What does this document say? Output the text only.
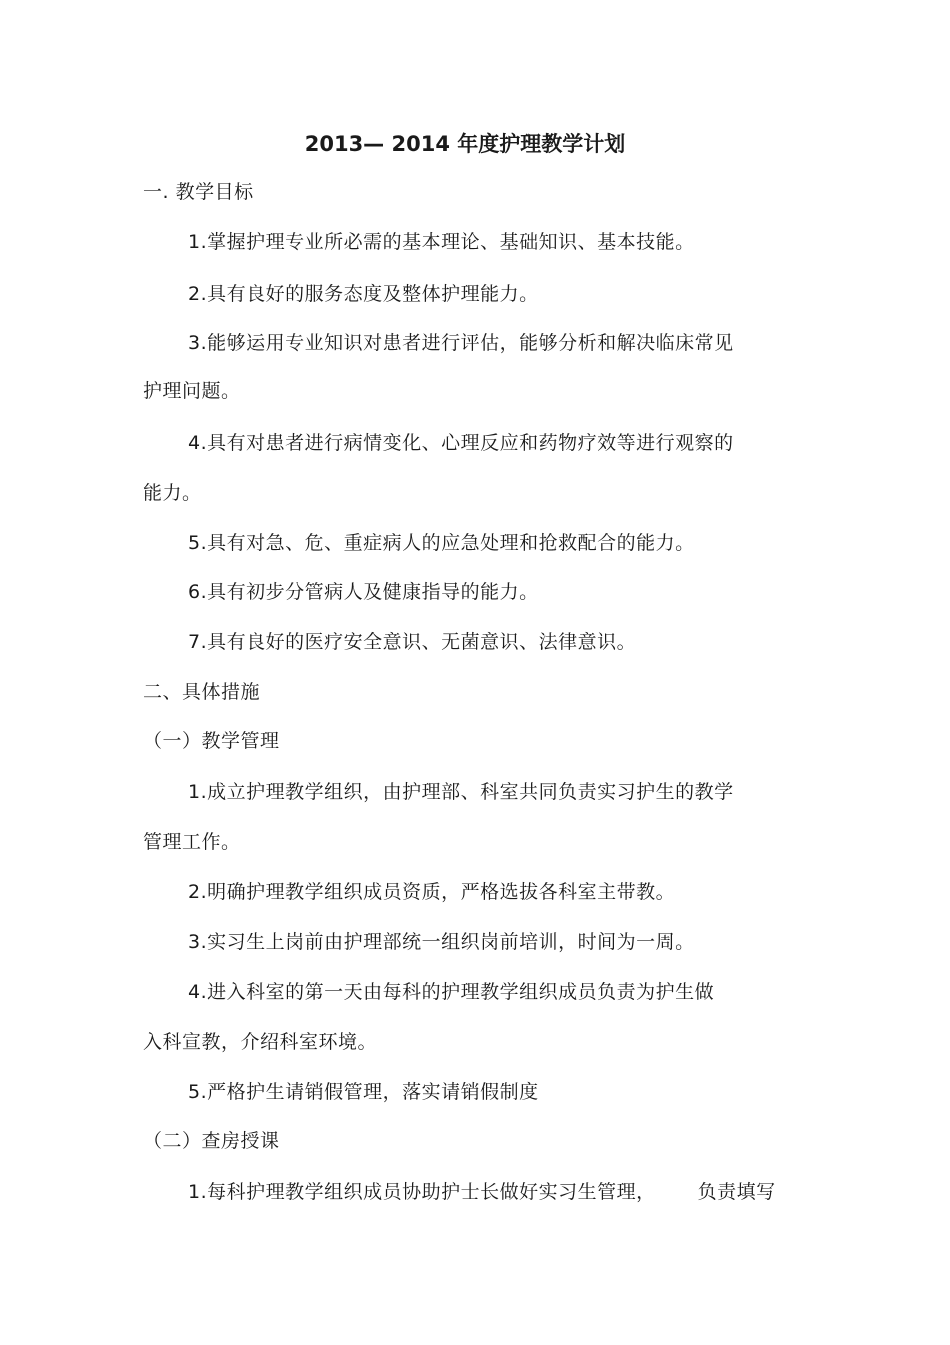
2013— 2014 年度护理教学计划
一. 教学目标
1.掌握护理专业所必需的基本理论、基础知识、基本技能。
2.具有良好的服务态度及整体护理能力。
3.能够运用专业知识对患者进行评估，能够分析和解决临床常见
护理问题。
4.具有对患者进行病情变化、心理反应和药物疗效等进行观察的
能力。
5.具有对急、危、重症病人的应急处理和抢救配合的能力。
6.具有初步分管病人及健康指导的能力。
7.具有良好的医疗安全意识、无菌意识、法律意识。
二、具体措施
（一）教学管理
1.成立护理教学组织，由护理部、科室共同负责实习护生的教学
管理工作。
2.明确护理教学组织成员资质，严格选拔各科室主带教。
3.实习生上岗前由护理部统一组织岗前培训，时间为一周。
4.进入科室的第一天由每科的护理教学组织成员负责为护生做
入科宣教，介绍科室环境。
5.严格护生请销假管理，落实请销假制度
（二）查房授课
1.每科护理教学组织成员协助护士长做好实习生管理， 负责填写
